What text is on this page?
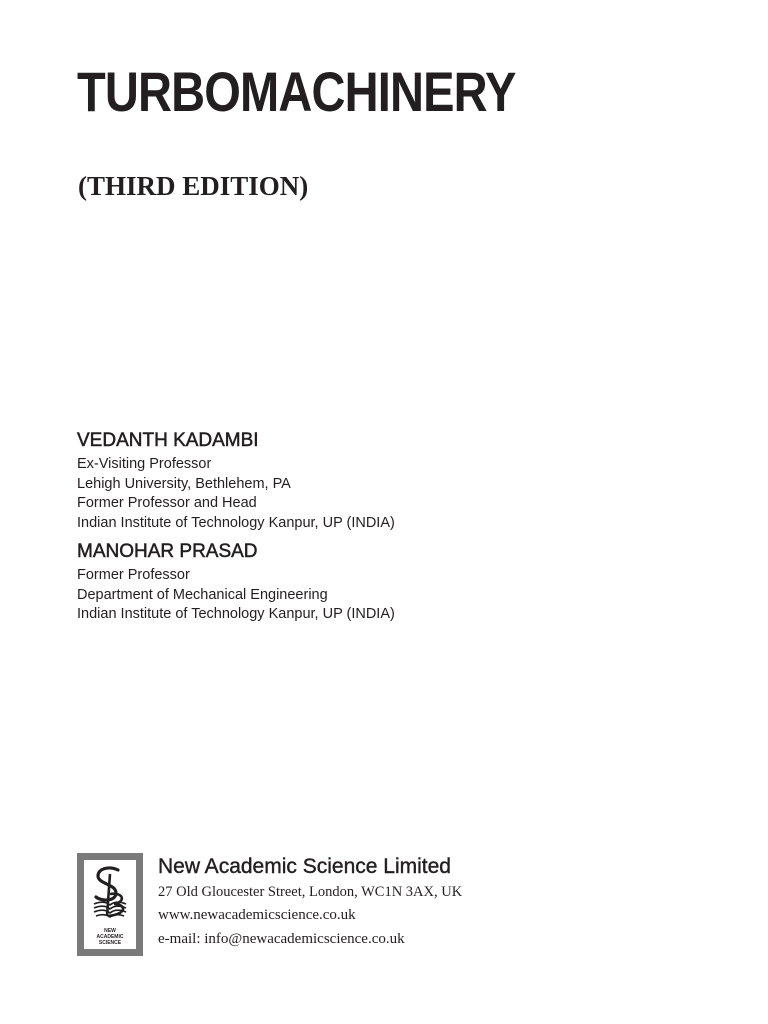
TURBOMACHINERY
(THIRD EDITION)
VEDANTH KADAMBI
Ex-Visiting Professor
Lehigh University, Bethlehem, PA
Former Professor and Head
Indian Institute of Technology Kanpur, UP (INDIA)
MANOHAR PRASAD
Former Professor
Department of Mechanical Engineering
Indian Institute of Technology Kanpur, UP (INDIA)
NEW
ACADEMIC
SCIENCE
New Academic Science Limited
27 Old Gloucester Street, London, WC1N 3AX, UK
www.newacademicscience.co.uk
e-mail: info@newacademicscience.co.uk
